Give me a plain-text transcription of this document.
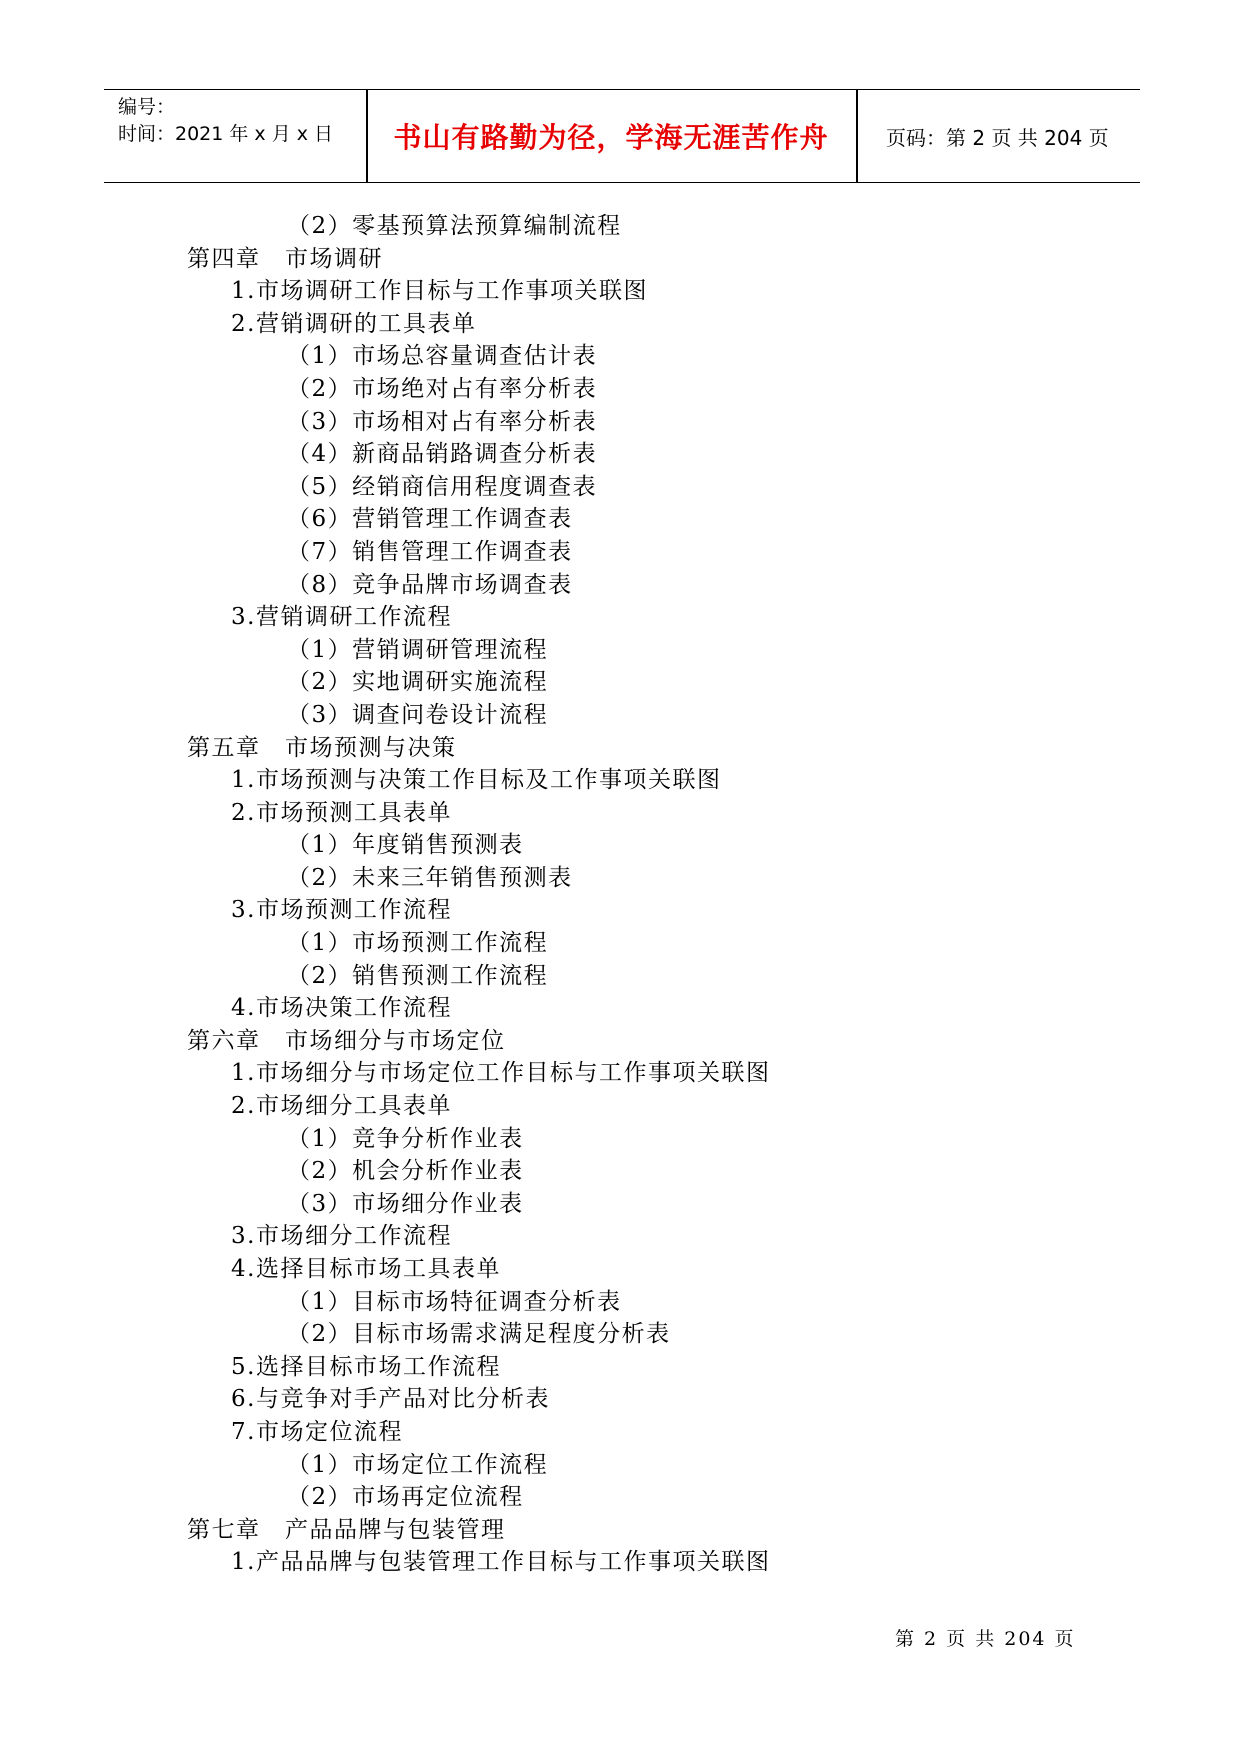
编号：
时间：2021 年 x 月 x 日	书山有路勤为径，学海无涯苦作舟	页码：第 2 页 共 204 页
（2）零基预算法预算编制流程
第四章　市场调研
1.市场调研工作目标与工作事项关联图
2.营销调研的工具表单
（1）市场总容量调查估计表
（2）市场绝对占有率分析表
（3）市场相对占有率分析表
（4）新商品销路调查分析表
（5）经销商信用程度调查表
（6）营销管理工作调查表
（7）销售管理工作调查表
（8）竞争品牌市场调查表
3.营销调研工作流程
（1）营销调研管理流程
（2）实地调研实施流程
（3）调查问卷设计流程
第五章　市场预测与决策
1.市场预测与决策工作目标及工作事项关联图
2.市场预测工具表单
（1）年度销售预测表
（2）未来三年销售预测表
3.市场预测工作流程
（1）市场预测工作流程
（2）销售预测工作流程
4.市场决策工作流程
第六章　市场细分与市场定位
1.市场细分与市场定位工作目标与工作事项关联图
2.市场细分工具表单
（1）竞争分析作业表
（2）机会分析作业表
（3）市场细分作业表
3.市场细分工作流程
4.选择目标市场工具表单
（1）目标市场特征调查分析表
（2）目标市场需求满足程度分析表
5.选择目标市场工作流程
6.与竞争对手产品对比分析表
7.市场定位流程
（1）市场定位工作流程
（2）市场再定位流程
第七章　产品品牌与包装管理
1.产品品牌与包装管理工作目标与工作事项关联图
第 2 页 共 204 页
